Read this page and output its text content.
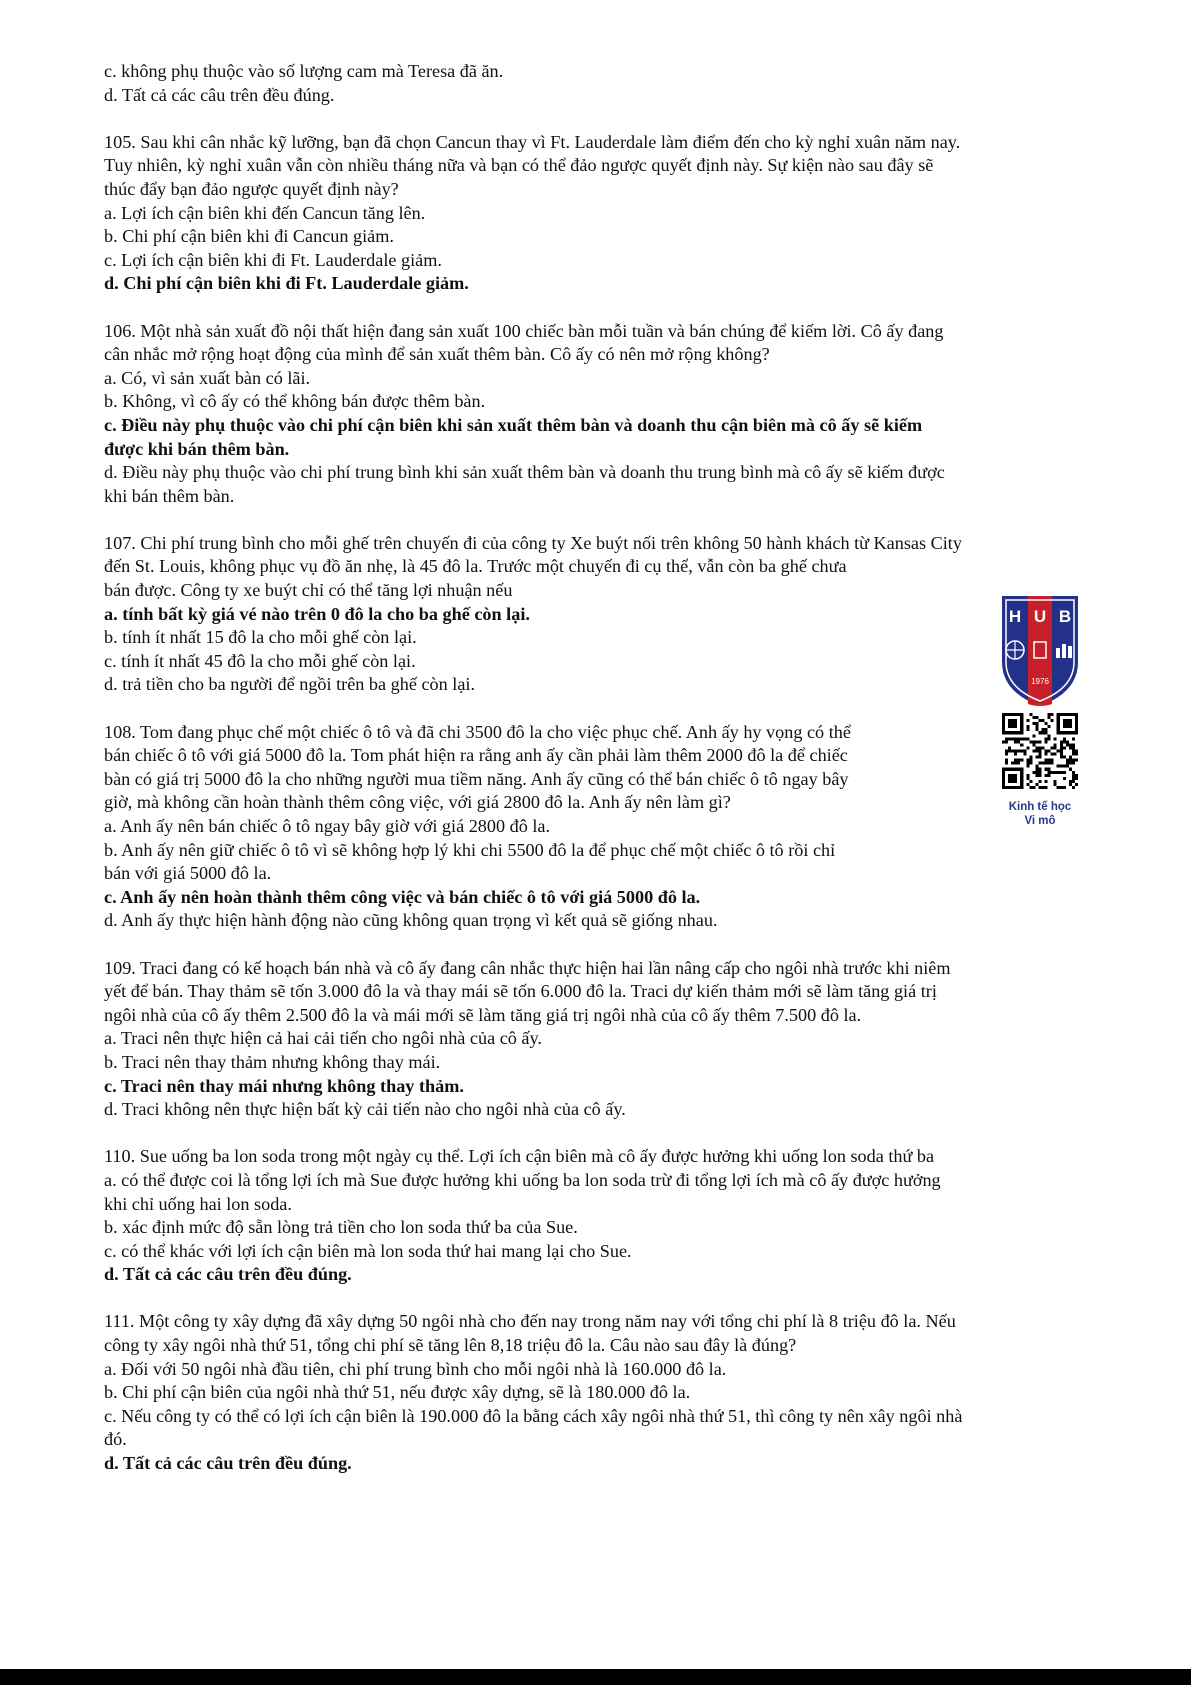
c. không phụ thuộc vào số lượng cam mà Teresa đã ăn.

d. Tất cả các câu trên đều đúng.

105. Sau khi cân nhắc kỹ lưỡng, bạn đã chọn Cancun thay vì Ft. Lauderdale làm điểm đến cho kỳ nghỉ xuân năm nay.

Tuy nhiên, kỳ nghỉ xuân vẫn còn nhiều tháng nữa và bạn có thể đảo ngược quyết định này. Sự kiện nào sau đây sẽ

thúc đẩy bạn đảo ngược quyết định này?

a. Lợi ích cận biên khi đến Cancun tăng lên.

b. Chi phí cận biên khi đi Cancun giảm.

c. Lợi ích cận biên khi đi Ft. Lauderdale giảm.

d. Chi phí cận biên khi đi Ft. Lauderdale giảm.

106. Một nhà sản xuất đồ nội thất hiện đang sản xuất 100 chiếc bàn mỗi tuần và bán chúng để kiếm lời. Cô ấy đang

cân nhắc mở rộng hoạt động của mình để sản xuất thêm bàn. Cô ấy có nên mở rộng không?

a. Có, vì sản xuất bàn có lãi.

b. Không, vì cô ấy có thể không bán được thêm bàn.

c. Điều này phụ thuộc vào chi phí cận biên khi sản xuất thêm bàn và doanh thu cận biên mà cô ấy sẽ kiếm

được khi bán thêm bàn.

d. Điều này phụ thuộc vào chi phí trung bình khi sản xuất thêm bàn và doanh thu trung bình mà cô ấy sẽ kiếm được

khi bán thêm bàn.

107. Chi phí trung bình cho mỗi ghế trên chuyến đi của công ty Xe buýt nối trên không 50 hành khách từ Kansas City

đến St. Louis, không phục vụ đồ ăn nhẹ, là 45 đô la. Trước một chuyến đi cụ thể, vẫn còn ba ghế chưa

bán được. Công ty xe buýt chỉ có thể tăng lợi nhuận nếu

a. tính bất kỳ giá vé nào trên 0 đô la cho ba ghế còn lại.

b. tính ít nhất 15 đô la cho mỗi ghế còn lại.

c. tính ít nhất 45 đô la cho mỗi ghế còn lại.

d. trả tiền cho ba người để ngồi trên ba ghế còn lại.

108. Tom đang phục chế một chiếc ô tô và đã chi 3500 đô la cho việc phục chế. Anh ấy hy vọng có thể

bán chiếc ô tô với giá 5000 đô la. Tom phát hiện ra rằng anh ấy cần phải làm thêm 2000 đô la để chiếc

bàn có giá trị 5000 đô la cho những người mua tiềm năng. Anh ấy cũng có thể bán chiếc ô tô ngay bây

giờ, mà không cần hoàn thành thêm công việc, với giá 2800 đô la. Anh ấy nên làm gì?

a. Anh ấy nên bán chiếc ô tô ngay bây giờ với giá 2800 đô la.

b. Anh ấy nên giữ chiếc ô tô vì sẽ không hợp lý khi chi 5500 đô la để phục chế một chiếc ô tô rồi chỉ

bán với giá 5000 đô la.

c. Anh ấy nên hoàn thành thêm công việc và bán chiếc ô tô với giá 5000 đô la.

d. Anh ấy thực hiện hành động nào cũng không quan trọng vì kết quả sẽ giống nhau.

109. Traci đang có kế hoạch bán nhà và cô ấy đang cân nhắc thực hiện hai lần nâng cấp cho ngôi nhà trước khi niêm

yết để bán. Thay thảm sẽ tốn 3.000 đô la và thay mái sẽ tốn 6.000 đô la. Traci dự kiến thảm mới sẽ làm tăng giá trị

ngôi nhà của cô ấy thêm 2.500 đô la và mái mới sẽ làm tăng giá trị ngôi nhà của cô ấy thêm 7.500 đô la.

a. Traci nên thực hiện cả hai cải tiến cho ngôi nhà của cô ấy.

b. Traci nên thay thảm nhưng không thay mái.

c. Traci nên thay mái nhưng không thay thảm.

d. Traci không nên thực hiện bất kỳ cải tiến nào cho ngôi nhà của cô ấy.

110. Sue uống ba lon soda trong một ngày cụ thể. Lợi ích cận biên mà cô ấy được hưởng khi uống lon soda thứ ba

a. có thể được coi là tổng lợi ích mà Sue được hưởng khi uống ba lon soda trừ đi tổng lợi ích mà cô ấy được hưởng

khi chỉ uống hai lon soda.

b. xác định mức độ sẵn lòng trả tiền cho lon soda thứ ba của Sue.

c. có thể khác với lợi ích cận biên mà lon soda thứ hai mang lại cho Sue.

d. Tất cả các câu trên đều đúng.

111. Một công ty xây dựng đã xây dựng 50 ngôi nhà cho đến nay trong năm nay với tổng chi phí là 8 triệu đô la. Nếu

công ty xây ngôi nhà thứ 51, tổng chi phí sẽ tăng lên 8,18 triệu đô la. Câu nào sau đây là đúng?

a. Đối với 50 ngôi nhà đầu tiên, chi phí trung bình cho mỗi ngôi nhà là 160.000 đô la.

b. Chi phí cận biên của ngôi nhà thứ 51, nếu được xây dựng, sẽ là 180.000 đô la.

c. Nếu công ty có thể có lợi ích cận biên là 190.000 đô la bằng cách xây ngôi nhà thứ 51, thì công ty nên xây ngôi nhà

đó.

d. Tất cả các câu trên đều đúng.

H U B
1976
Kinh tế học
Vi mô
